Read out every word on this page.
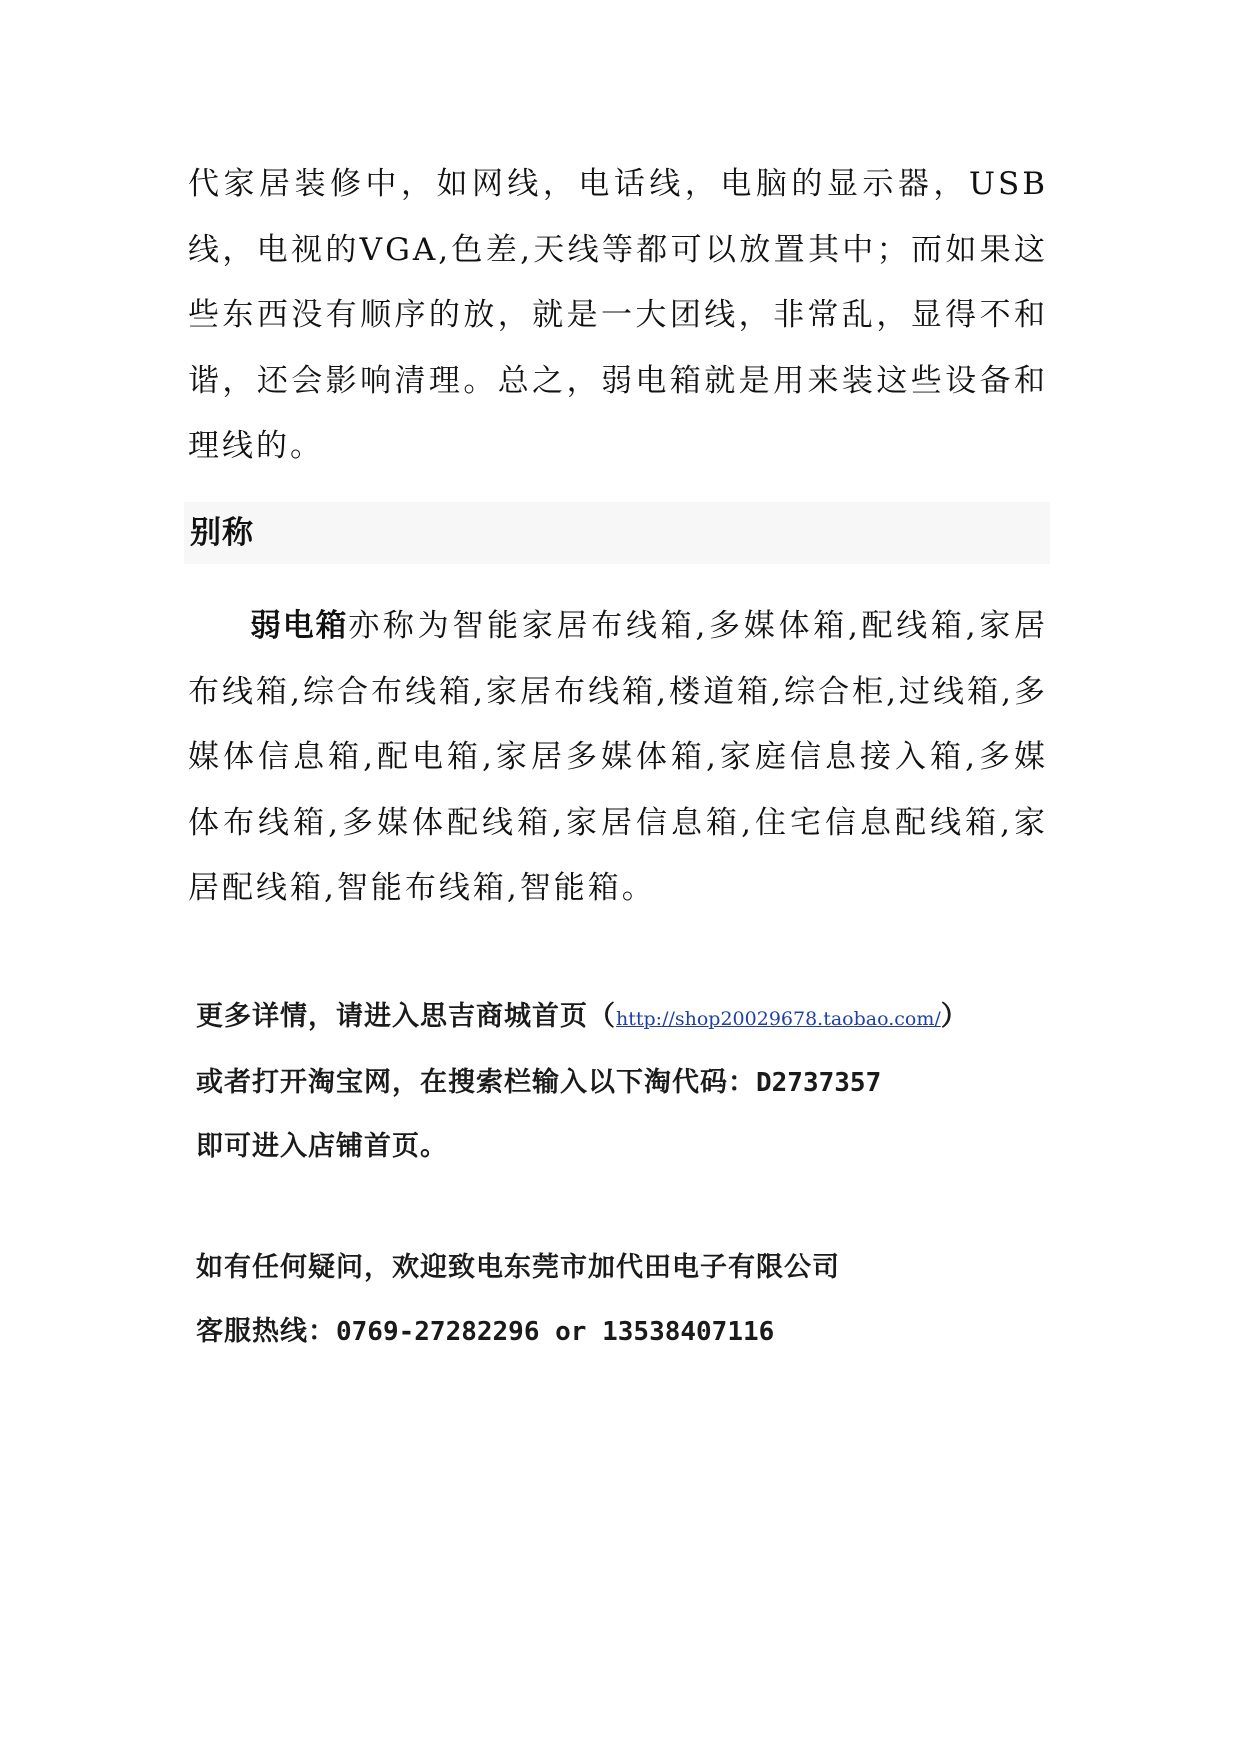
代家居装修中，如网线，电话线，电脑的显示器，USB线，电视的VGA,色差,天线等都可以放置其中；而如果这些东西没有顺序的放，就是一大团线，非常乱，显得不和谐，还会影响清理。总之，弱电箱就是用来装这些设备和理线的。

别称

弱电箱亦称为智能家居布线箱,多媒体箱,配线箱,家居布线箱,综合布线箱,家居布线箱,楼道箱,综合柜,过线箱,多媒体信息箱,配电箱,家居多媒体箱,家庭信息接入箱,多媒体布线箱,多媒体配线箱,家居信息箱,住宅信息配线箱,家居配线箱,智能布线箱,智能箱。

更多详情，请进入思吉商城首页（http://shop20029678.taobao.com/）
或者打开淘宝网，在搜索栏输入以下淘代码：D2737357
即可进入店铺首页。
如有任何疑问，欢迎致电东莞市加代田电子有限公司
客服热线：0769-27282296 or 13538407116
